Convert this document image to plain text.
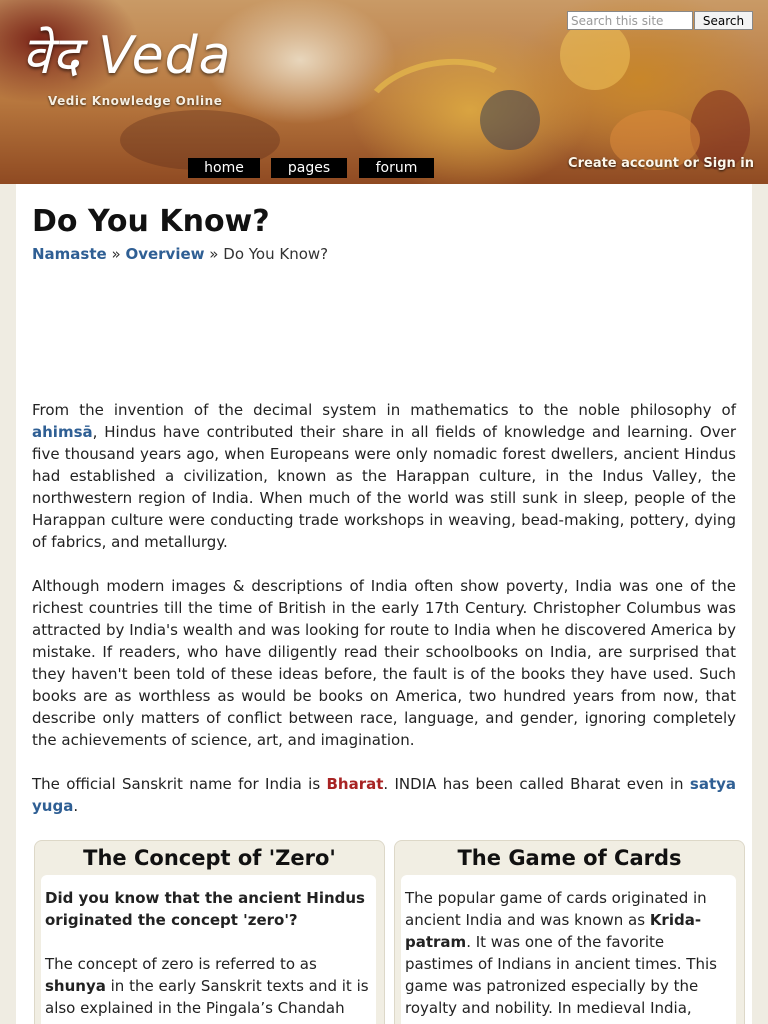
वेद Veda
Vedic Knowledge Online
Search this site
Search
home	pages	forum	Create account or Sign in
Do You Know?
Namaste » Overview » Do You Know?

From the invention of the decimal system in mathematics to the noble philosophy of ahimsā, Hindus have contributed their share in all fields of knowledge and learning. Over five thousand years ago, when Europeans were only nomadic forest dwellers, ancient Hindus had established a civilization, known as the Harappan culture, in the Indus Valley, the northwestern region of India. When much of the world was still sunk in sleep, people of the Harappan culture were conducting trade workshops in weaving, bead-making, pottery, dying of fabrics, and metallurgy.

Although modern images & descriptions of India often show poverty, India was one of the richest countries till the time of British in the early 17th Century. Christopher Columbus was attracted by India's wealth and was looking for route to India when he discovered America by mistake. If readers, who have diligently read their schoolbooks on India, are surprised that they haven't been told of these ideas before, the fault is of the books they have used. Such books are as worthless as would be books on America, two hundred years from now, that describe only matters of conflict between race, language, and gender, ignoring completely the achievements of science, art, and imagination.

The official Sanskrit name for India is Bharat. INDIA has been called Bharat even in satya yuga.

The Concept of 'Zero'

Did you know that the ancient Hindus originated the concept 'zero'?

The concept of zero is referred to as shunya in the early Sanskrit texts and it is also explained in the Pingala’s Chandah

The Game of Cards

The popular game of cards originated in ancient India and was known as Krida-patram. It was one of the favorite pastimes of Indians in ancient times. This game was patronized especially by the royalty and nobility. In medieval India,
